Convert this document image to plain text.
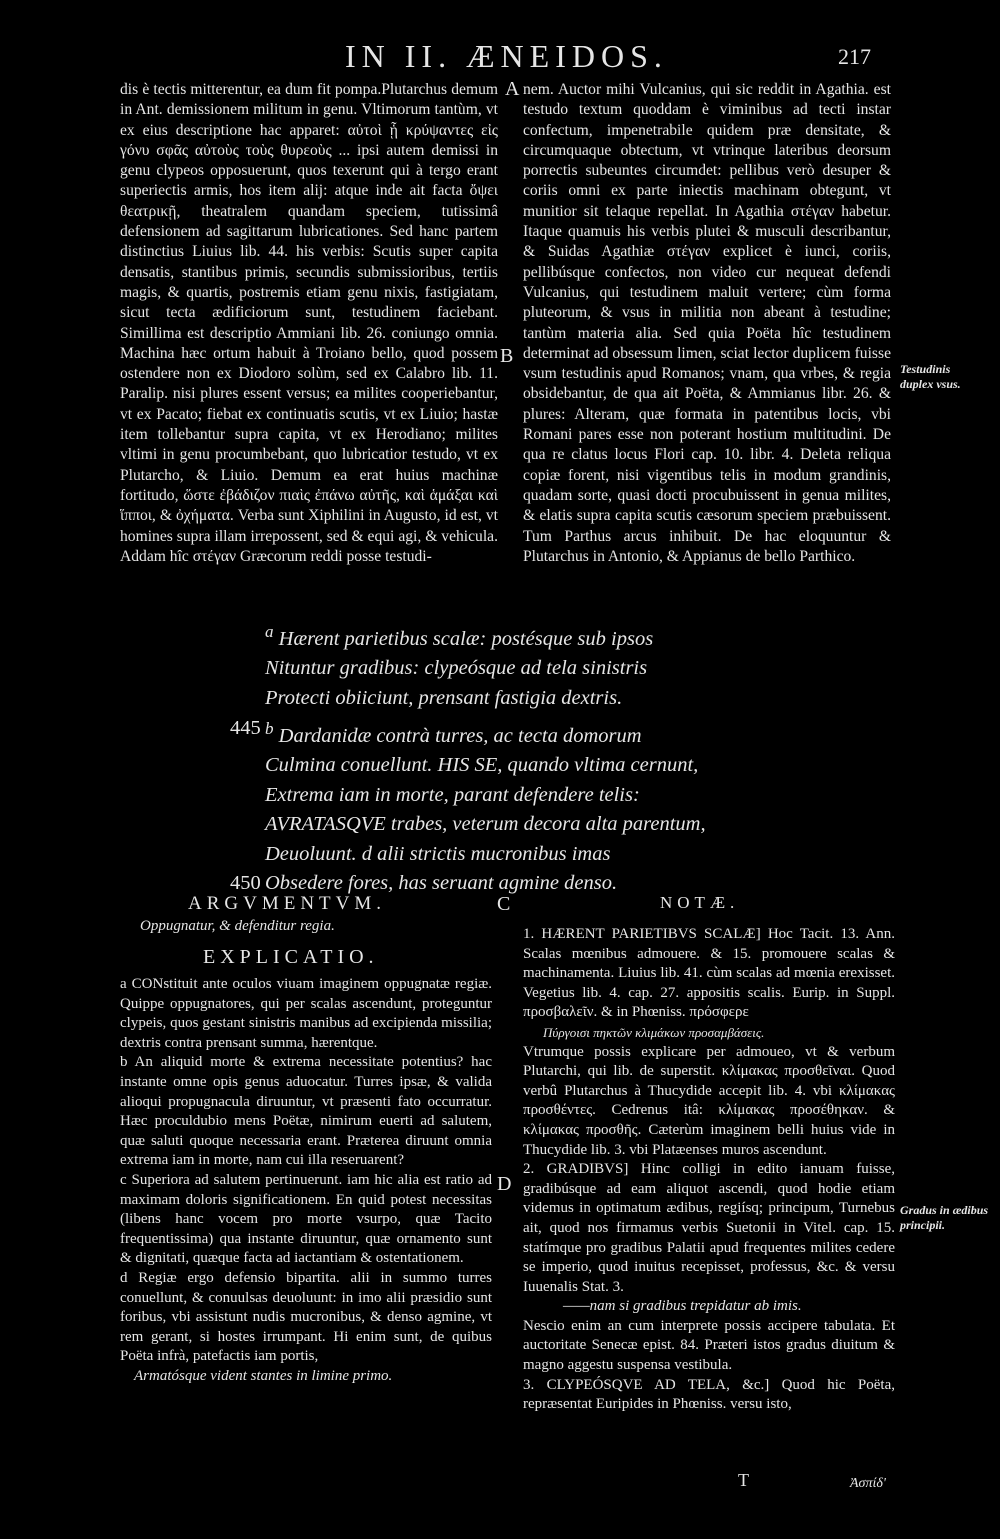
IN II. ÆNEIDOS.	217

dis è tectis mitterentur, ea dum fit pompa.Plutarchus demum in Ant. demissionem militum in genu. Vltimorum tantùm, vt ex eius descriptione hac apparet: αὐτοὶ ᾗ κρύψαντες εἰς γόνυ σφᾶς αὐτοὺς τοὺς θυρεοὺς ... ipsi autem demissi in genu clypeos opposuerunt, quos texerunt qui à tergo erant superiectis armis, hos item alij: atque inde ait facta ὄψει θεατρικῇ, theatralem quandam speciem, tutissimâ defensionem ad sagittarum lubricationes. Sed hanc partem distinctius Liuius lib. 44. his verbis: Scutis super capita densatis, stantibus primis, secundis submissioribus, tertiis magis, & quartis, postremis etiam genu nixis, fastigiatam, sicut tecta ædificiorum sunt, testudinem faciebant. Simillima est descriptio Ammiani lib. 26. coniungo omnia. Machina hæc ortum habuit à Troiano bello, quod possem ostendere non ex Diodoro solùm, sed ex Calabro lib. 11. Paralip. nisi plures essent versus; ea milites cooperiebantur, vt ex Pacato; fiebat ex continuatis scutis, vt ex Liuio; hastæ item tollebantur supra capita, vt ex Herodiano; milites vltimi in genu procumbebant, quo lubricatior testudo, vt ex Plutarcho, & Liuio. Demum ea erat huius machinæ fortitudo, ὥστε ἐβάδιζον πιαὶς ἐπάνω αὐτῆς, καὶ ἁμάξαι καὶ ἵπποι, & ὀχήματα. Verba sunt Xiphilini in Augusto, id est, vt homines supra illam irrepossent, sed & equi agi, & vehicula. Addam hîc στέγαν Græcorum reddi posse testudi-

nem. Auctor mihi Vulcanius, qui sic reddit in Agathia. est testudo textum quoddam è viminibus ad tecti instar confectum, impenetrabile quidem præ densitate, & circumquaque obtectum, vt vtrinque lateribus deorsum porrectis subeuntes circumdet: pellibus verò desuper & coriis omni ex parte iniectis machinam obtegunt, vt munitior sit telaque repellat. In Agathia στέγαν habetur. Itaque quamuis his verbis plutei & musculi describantur, & Suidas Agathiæ στέγαν explicet è iunci, coriis, pellibúsque confectos, non video cur nequeat defendi Vulcanius, qui testudinem maluit vertere; cùm forma pluteorum, & vsus in militia non abeant à testudine; tantùm materia alia. Sed quia Poëta hîc testudinem determinat ad obsessum limen, sciat lector duplicem fuisse vsum testudinis apud Romanos; vnam, qua vrbes, & regia obsidebantur, de qua ait Poëta, & Ammianus libr. 26. & plures: Alteram, quæ formata in patentibus locis, vbi Romani pares esse non poterant hostium multitudini. De qua re clatus locus Flori cap. 10. libr. 4. Deleta reliqua copiæ forent, nisi vigentibus telis in modum grandinis, quadam sorte, quasi docti procubuissent in genua milites, & elatis supra capita scutis cæsorum speciem præbuissent. Tum Parthus arcus inhibuit. De hac eloquuntur & Plutarchus in Antonio, & Appianus de bello Parthico.

A
B
C
D
Testudinis duplex vsus.
Gradus in ædibus principii.
$^a$ Hærent parietibus scalæ: postésque sub ipsos
Nituntur gradibus: clypeósque ad tela sinistris
Protecti obiiciunt, prensant fastigia dextris.
445 $^b$ Dardanidæ contrà turres, ac tecta domorum
Culmina conuellunt. HIS SE, quando vltima cernunt,
Extrema iam in morte, parant defendere telis:
AVRATASQVE trabes, veterum decora alta parentum,
Deuoluunt. d alii strictis mucronibus imas
450 Obsedere fores, has seruant agmine denso.
ARGVMENTVM.
Oppugnatur, & defenditur regia.
EXPLICATIO.

a CONstituit ante oculos viuam imaginem oppugnatæ regiæ. Quippe oppugnatores, qui per scalas ascendunt, proteguntur clypeis, quos gestant sinistris manibus ad excipienda missilia; dextris contra prensant summa, hærentque.

b An aliquid morte & extrema necessitate potentius? hac instante omne opis genus aduocatur. Turres ipsæ, & valida alioqui propugnacula diruuntur, vt præsenti fato occurratur. Hæc proculdubio mens Poëtæ, nimirum euerti ad salutem, quæ saluti quoque necessaria erant. Præterea diruunt omnia extrema iam in morte, nam cui illa reseruarent?

c Superiora ad salutem pertinuerunt. iam hic alia est ratio ad maximam doloris significationem. En quid potest necessitas (libens hanc vocem pro morte vsurpo, quæ Tacito frequentissima) qua instante diruuntur, quæ ornamento sunt & dignitati, quæque facta ad iactantiam & ostentationem.

d Regiæ ergo defensio bipartita. alii in summo turres conuellunt, & conuulsas deuoluunt: in imo alii præsidio sunt foribus, vbi assistunt nudis mucronibus, & denso agmine, vt rem gerant, si hostes irrumpant. Hi enim sunt, de quibus Poëta infrà, patefactis iam portis,

Armatósque vident stantes in limine primo.

NOTÆ.

1. HÆRENT PARIETIBVS SCALÆ] Hoc Tacit. 13. Ann. Scalas mœnibus admouere. & 15. promouere scalas & machinamenta. Liuius lib. 41. cùm scalas ad mœnia erexisset. Vegetius lib. 4. cap. 27. appositis scalis. Eurip. in Suppl. προσβαλεῖν. & in Phœniss. πρόσφερε

Πύργοισι πηκτῶν κλιμάκων προσαμβάσεις.

Vtrumque possis explicare per admoueo, vt & verbum Plutarchi, qui lib. de superstit. κλίμακας προσθεῖναι. Quod verbû Plutarchus à Thucydide accepit lib. 4. vbi κλίμακας προσθέντες. Cedrenus itâ: κλίμακας προσέθηκαν. & κλίμακας προσθῆς. Cæterùm imaginem belli huius vide in Thucydide lib. 3. vbi Platæenses muros ascendunt.

2. GRADIBVS] Hinc colligi in edito ianuam fuisse, gradibúsque ad eam aliquot ascendi, quod hodie etiam videmus in optimatum ædibus, regiísq; principum, Turnebus ait, quod nos firmamus verbis Suetonii in Vitel. cap. 15. statímque pro gradibus Palatii apud frequentes milites cedere se imperio, quod inuitus recepisset, professus, &c. & versu Iuuenalis Stat. 3.

——nam si gradibus trepidatur ab imis.

Nescio enim an cum interprete possis accipere tabulata. Et auctoritate Senecæ epist. 84. Præteri istos gradus diuitum & magno aggestu suspensa vestibula.

3. CLYPEÓSQVE AD TELA, &c.] Quod hic Poëta, repræsentat Euripides in Phœniss. versu isto,

T	Ἀσπίδ'
